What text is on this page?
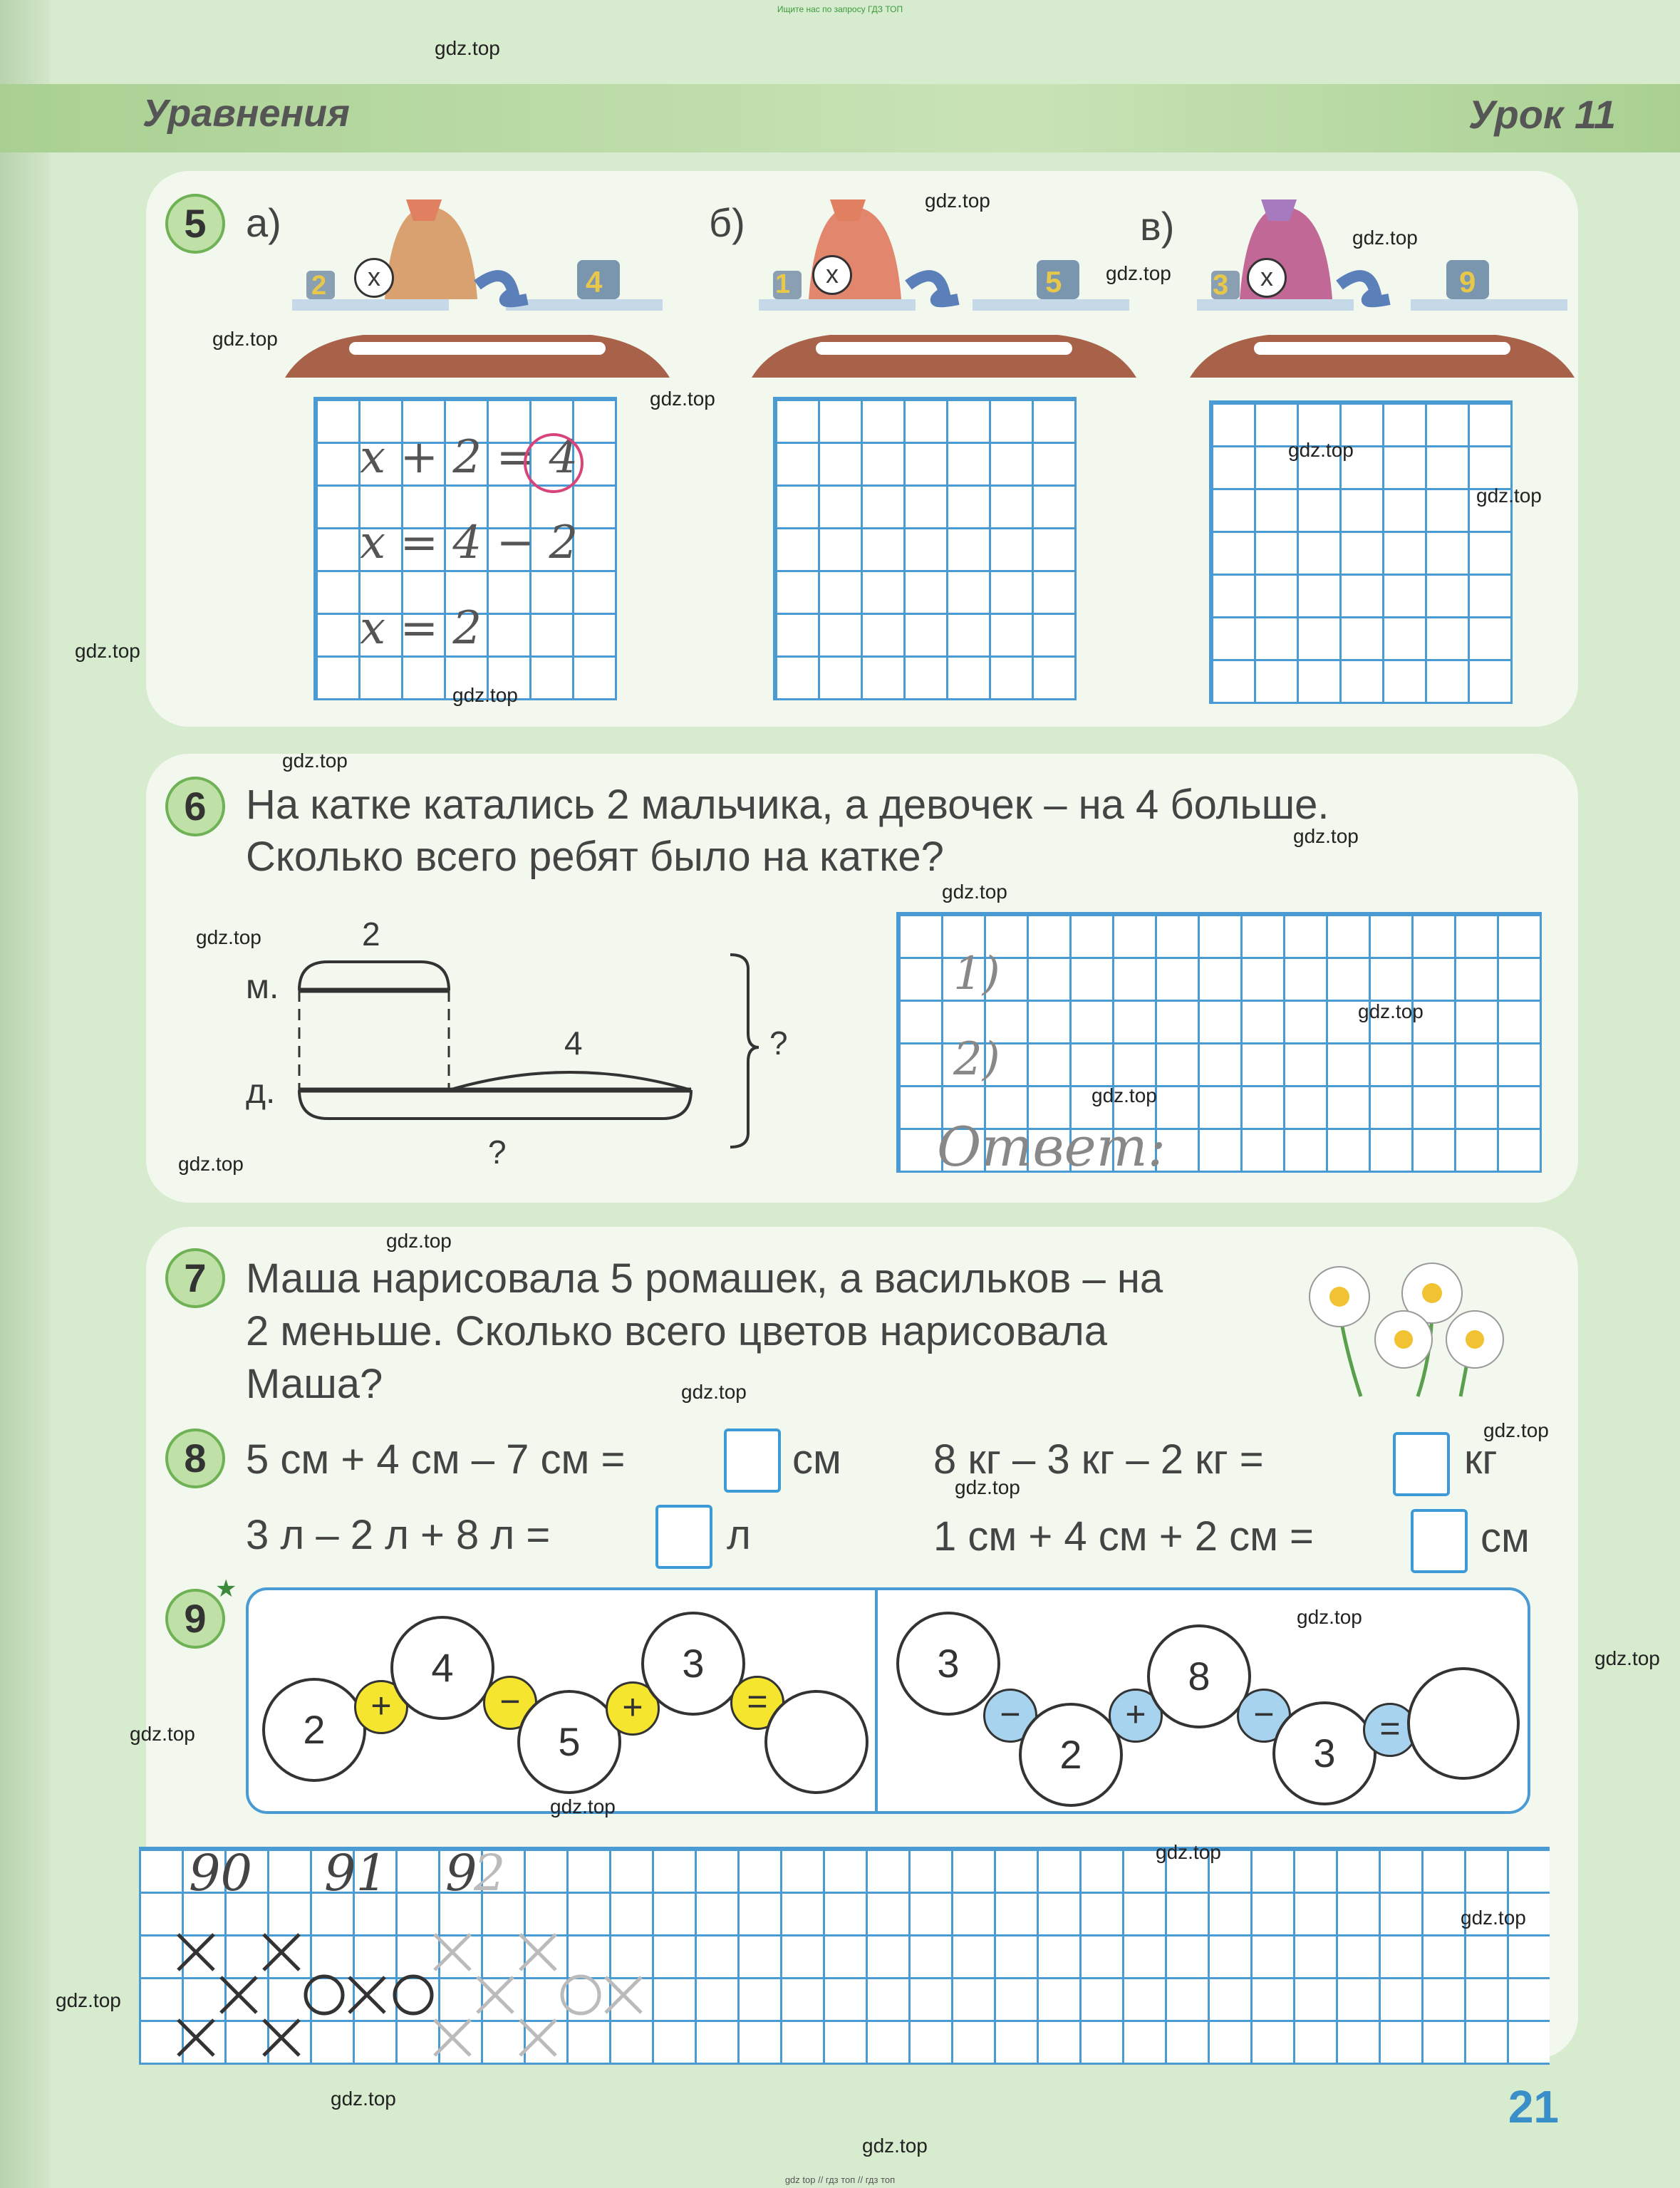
Ищите нас по запросу ГДЗ ТОП
Уравнения	Урок 11
5 а)
x
2	4
б)
x
1	5
в)
x
3	9
x + 2 = 4
x = 4 − 2
x = 2
6 На катке катались 2 мальчика, а девочек – на 4 больше.
Сколько всего ребят было на катке?
2
м.
д.
4	?
?
1)
2)
Ответ:
7 Маша нарисовала 5 ромашек, а васильков – на
2 меньше. Сколько всего цветов нарисовала
Маша?
8 5 см + 4 см – 7 см =	см 8 кг – 3 кг – 2 кг =	кг
3 л – 2 л + 8 л =	л	1 см + 4 см + 2 см =	см
9
★
2
+
4
−
5
+
3
=
3
−
2
+
8
−
3
=
90 91 9
2
21
gdz top // гдз топ // гдз топ
gdz.top
gdz.top
gdz.top
gdz.top
gdz.top
gdz.top
gdz.top
gdz.top
gdz.top
gdz.top
gdz.top
gdz.top
gdz.top
gdz.top
gdz.top
gdz.top
gdz.top
gdz.top
gdz.top
gdz.top
gdz.top
gdz.top
gdz.top
gdz.top
gdz.top
gdz.top
gdz.top
gdz.top
gdz.top
gdz.top
